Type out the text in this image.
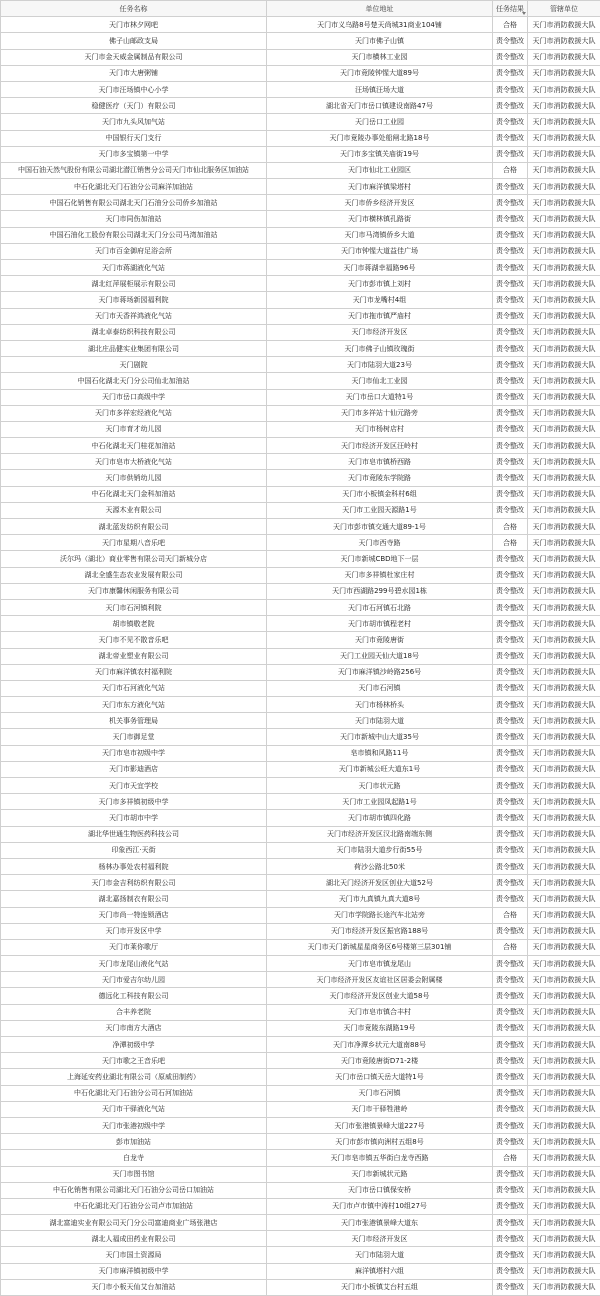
任务名称	单位地址	任务结果	管辖单位
天门市林夕网吧	天门市义乌路8号楚天尚城31商业104铺	合格	天门市消防救援大队
佛子山邮政支局	天门市佛子山镇	责令整改	天门市消防救援大队
天门市金天威金属制品有限公司	天门市横林工业园	责令整改	天门市消防救援大队
天门市大唐粥铺	天门市竟陵钟惺大道89号	责令整改	天门市消防救援大队
天门市汪场镇中心小学	汪场镇汪场大道	责令整改	天门市消防救援大队
稳健医疗（天门）有限公司	湖北省天门市岳口镇建设南路47号	责令整改	天门市消防救援大队
天门市九头风加气站	天门岳口工业园	责令整改	天门市消防救援大队
中国银行天门支行	天门市竟陵办事处船闸北路18号	责令整改	天门市消防救援大队
天门市多宝镇第一中学	天门市多宝镇关庙街19号	责令整改	天门市消防救援大队
中国石油天然气股份有限公司湖北潜江销售分公司天门市仙北服务区加油站	天门市仙北工业园区	合格	天门市消防救援大队
中石化湖北天门石油分公司麻洋加油站	天门市麻洋镇梁塔村	责令整改	天门市消防救援大队
中国石化销售有限公司湖北天门石油分公司侨乡加油站	天门市侨乡经济开发区	责令整改	天门市消防救援大队
天门市同伤加油站	天门市横林镇孔路街	责令整改	天门市消防救援大队
中国石油化工股份有限公司湖北天门分公司马湾加油站	天门市马湾镇侨乡大道	责令整改	天门市消防救援大队
天门市百金御府足浴会所	天门市钟惺大道益佳广场	责令整改	天门市消防救援大队
天门市蒋湖液化气站	天门市蒋湖幸福路96号	责令整改	天门市消防救援大队
湖北红萍展柜展示有限公司	天门市彭市镇上刘村	责令整改	天门市消防救援大队
天门市蒋场新园福利院	天门市龙嘴村4组	责令整改	天门市消防救援大队
天门市天香祥鸿液化气站	天门市拖市镇严庙村	责令整改	天门市消防救援大队
湖北卓泰纺织科技有限公司	天门市经济开发区	责令整改	天门市消防救援大队
湖北庄品健实业集团有限公司	天门市佛子山镇玫瑰街	责令整改	天门市消防救援大队
天门剧院	天门市陆羽大道23号	责令整改	天门市消防救援大队
中国石化湖北天门分公司仙北加油站	天门市仙北工业园	责令整改	天门市消防救援大队
天门市岳口高级中学	天门市岳口大道特1号	责令整改	天门市消防救援大队
天门市多祥宏经液化气站	天门市多祥站十仙元路旁	责令整改	天门市消防救援大队
天门市育才幼儿园	天门市杨树店村	责令整改	天门市消防救援大队
中石化湖北天门桂花加油站	天门市经济开发区汪岭村	责令整改	天门市消防救援大队
天门市皂市大桥液化气站	天门市皂市镇桥西路	责令整改	天门市消防救援大队
天门市供销幼儿园	天门市竟陵东学院路	责令整改	天门市消防救援大队
中石化湖北天门金科加油站	天门市小板镇金科村6组	责令整改	天门市消防救援大队
天源木业有限公司	天门市工业园天源路1号	责令整改	天门市消防救援大队
湖北蓝发纺织有限公司	天门市彭市镇交通大道89-1号	合格	天门市消防救援大队
天门市星期八音乐吧	天门市西寺路	合格	天门市消防救援大队
沃尔玛（湖北）商业零售有限公司天门新城分店	天门市新城CBD地下一层	责令整改	天门市消防救援大队
湖北全盛生态农业发展有限公司	天门市多祥镇杜家庄村	责令整改	天门市消防救援大队
天门市康馨休闲服务有限公司	天门市西湖路299号碧水园1栋	责令整改	天门市消防救援大队
天门市石河镇利院	天门市石河镇石北路	责令整改	天门市消防救援大队
胡市镇敬老院	天门市胡市镇程老村	责令整改	天门市消防救援大队
天门市不见不散音乐吧	天门市竟陵唐街	责令整改	天门市消防救援大队
湖北帝业塑业有限公司	天门工业园天仙大道18号	责令整改	天门市消防救援大队
天门市麻洋镇农村福利院	天门市麻洋镇沙岭路256号	责令整改	天门市消防救援大队
天门市石河液化气站	天门市石河镇	责令整改	天门市消防救援大队
天门市东方液化气站	天门市杨林桥头	责令整改	天门市消防救援大队
机关事务管理局	天门市陆羽大道	责令整改	天门市消防救援大队
天门市御足堂	天门市新城中山大道35号	责令整改	天门市消防救援大队
天门市皂市初级中学	皂市镇和风路11号	责令整改	天门市消防救援大队
天门市影迪酒店	天门市新城公旺大道东1号	责令整改	天门市消防救援大队
天门市天宜学校	天门市状元路	责令整改	天门市消防救援大队
天门市多祥镇初级中学	天门市工业园凤起路1号	责令整改	天门市消防救援大队
天门市胡市中学	天门市胡市镇四化路	责令整改	天门市消防救援大队
湖北华世通生物医药科技公司	天门市经济开发区汉北路南端东侧	责令整改	天门市消防救援大队
印象西江·天街	天门市陆羽大道步行街55号	责令整改	天门市消防救援大队
杨林办事处农村福利院	荷沙公路北50米	责令整改	天门市消防救援大队
天门市金吉利纺织有限公司	湖北天门经济开发区创业大道52号	责令整改	天门市消防救援大队
湖北嘉扬制衣有限公司	天门市九真镇九真大道8号	责令整改	天门市消防救援大队
天门市尚一特连锁酒店	天门市学院路长途汽车北站旁	合格	天门市消防救援大队
天门市开发区中学	天门市经济开发区振官路188号	责令整改	天门市消防救援大队
天门市莱你歌厅	天门市天门新城星星商务区6号楼第三层301铺	合格	天门市消防救援大队
天门市龙尾山液化气站	天门市皂市镇龙尾山	责令整改	天门市消防救援大队
天门市爱吉尔幼儿园	天门市经济开发区友谊社区居委会附属楼	责令整改	天门市消防救援大队
德远化工科技有限公司	天门市经济开发区创业大道58号	责令整改	天门市消防救援大队
合丰养老院	天门市皂市镇合丰村	责令整改	天门市消防救援大队
天门市南方大酒店	天门市竟陵东湖路19号	责令整改	天门市消防救援大队
净潭初级中学	天门市净潭乡状元大道南88号	责令整改	天门市消防救援大队
天门市歌之王音乐吧	天门市竟陵唐街D71-2楼	责令整改	天门市消防救援大队
上海延安药业湖北有限公司（原威田制药）	天门市岳口镇天岳大道特1号	责令整改	天门市消防救援大队
中石化湖北天门石油分公司石河加油站	天门市石河镇	责令整改	天门市消防救援大队
天门市干驿液化气站	天门市干驿牲港岭	责令整改	天门市消防救援大队
天门市张港初级中学	天门市张港镇景峰大道227号	责令整改	天门市消防救援大队
彭市加油站	天门市彭市镇向洲村五组8号	责令整改	天门市消防救援大队
白龙寺	天门市皂市镇五华街白龙寺西路	合格	天门市消防救援大队
天门市图书馆	天门市新城状元路	责令整改	天门市消防救援大队
中石化销售有限公司湖北天门石油分公司岳口加油站	天门市岳口镇保安桥	责令整改	天门市消防救援大队
中石化湖北天门石油分公司卢市加油站	天门市卢市镇中涛村10组27号	责令整改	天门市消防救援大队
湖北富迪实业有限公司天门分公司富迪商业广场张港店	天门市张港镇景峰大道东	责令整改	天门市消防救援大队
湖北人福成田药业有限公司	天门市经济开发区	责令整改	天门市消防救援大队
天门市国土资源局	天门市陆羽大道	责令整改	天门市消防救援大队
天门市麻洋镇初级中学	麻洋镇塔村六组	责令整改	天门市消防救援大队
天门市小板天仙艾台加油站	天门市小板镇艾台村五组	责令整改	天门市消防救援大队
